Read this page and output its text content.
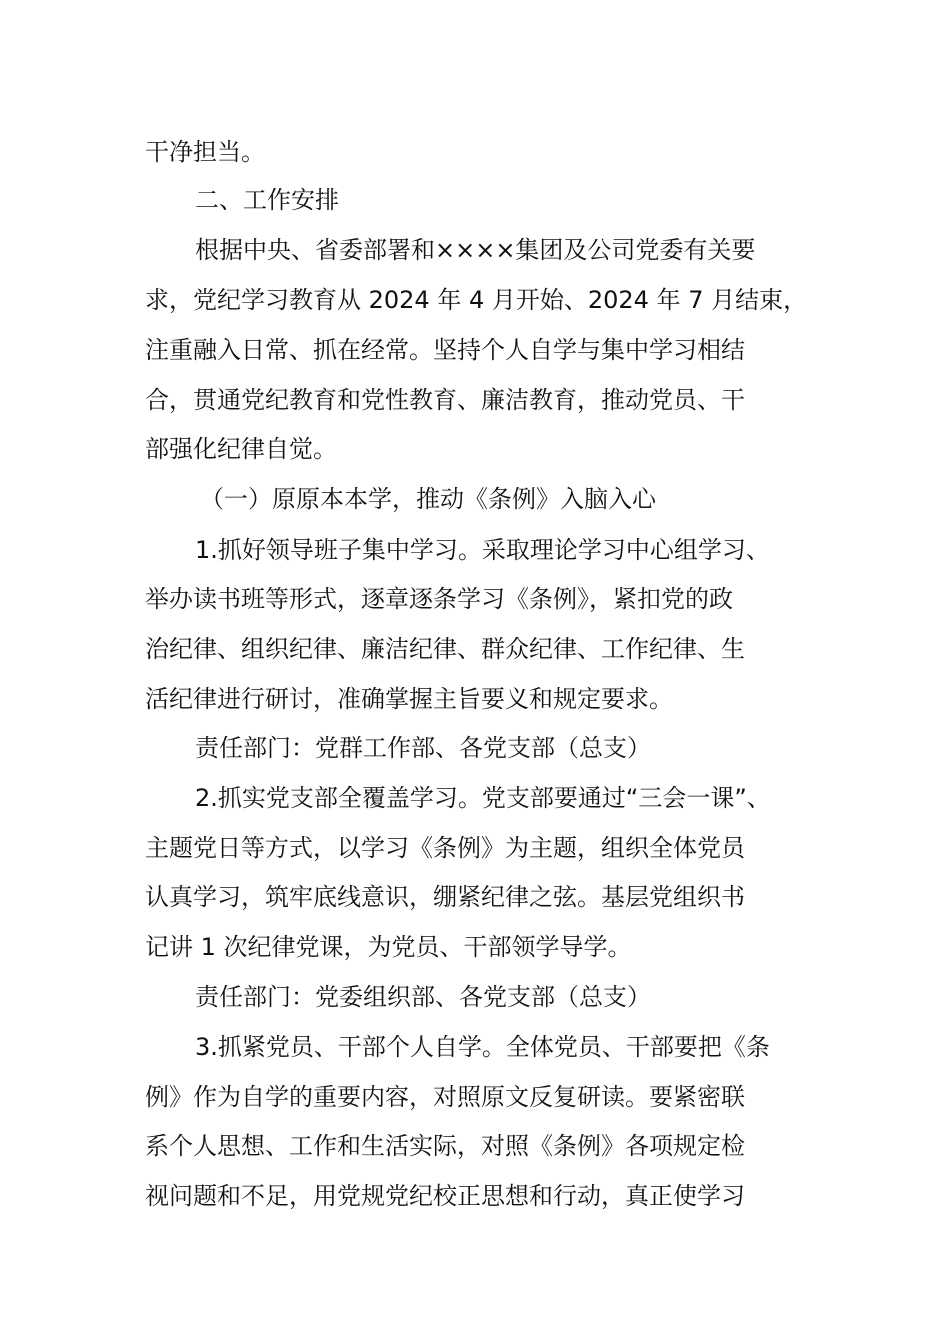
干净担当。
二、工作安排
根据中央、省委部署和××××集团及公司党委有关要
求，党纪学习教育从 2024 年 4 月开始、2024 年 7 月结束，
注重融入日常、抓在经常。坚持个人自学与集中学习相结
合，贯通党纪教育和党性教育、廉洁教育，推动党员、干
部强化纪律自觉。
（一）原原本本学，推动《条例》入脑入心
1.抓好领导班子集中学习。采取理论学习中心组学习、
举办读书班等形式，逐章逐条学习《条例》，紧扣党的政
治纪律、组织纪律、廉洁纪律、群众纪律、工作纪律、生
活纪律进行研讨，准确掌握主旨要义和规定要求。
责任部门：党群工作部、各党支部（总支）
2.抓实党支部全覆盖学习。党支部要通过“三会一课”、
主题党日等方式，以学习《条例》为主题，组织全体党员
认真学习，筑牢底线意识，绷紧纪律之弦。基层党组织书
记讲 1 次纪律党课，为党员、干部领学导学。
责任部门：党委组织部、各党支部（总支）
3.抓紧党员、干部个人自学。全体党员、干部要把《条
例》作为自学的重要内容，对照原文反复研读。要紧密联
系个人思想、工作和生活实际，对照《条例》各项规定检
视问题和不足，用党规党纪校正思想和行动，真正使学习
